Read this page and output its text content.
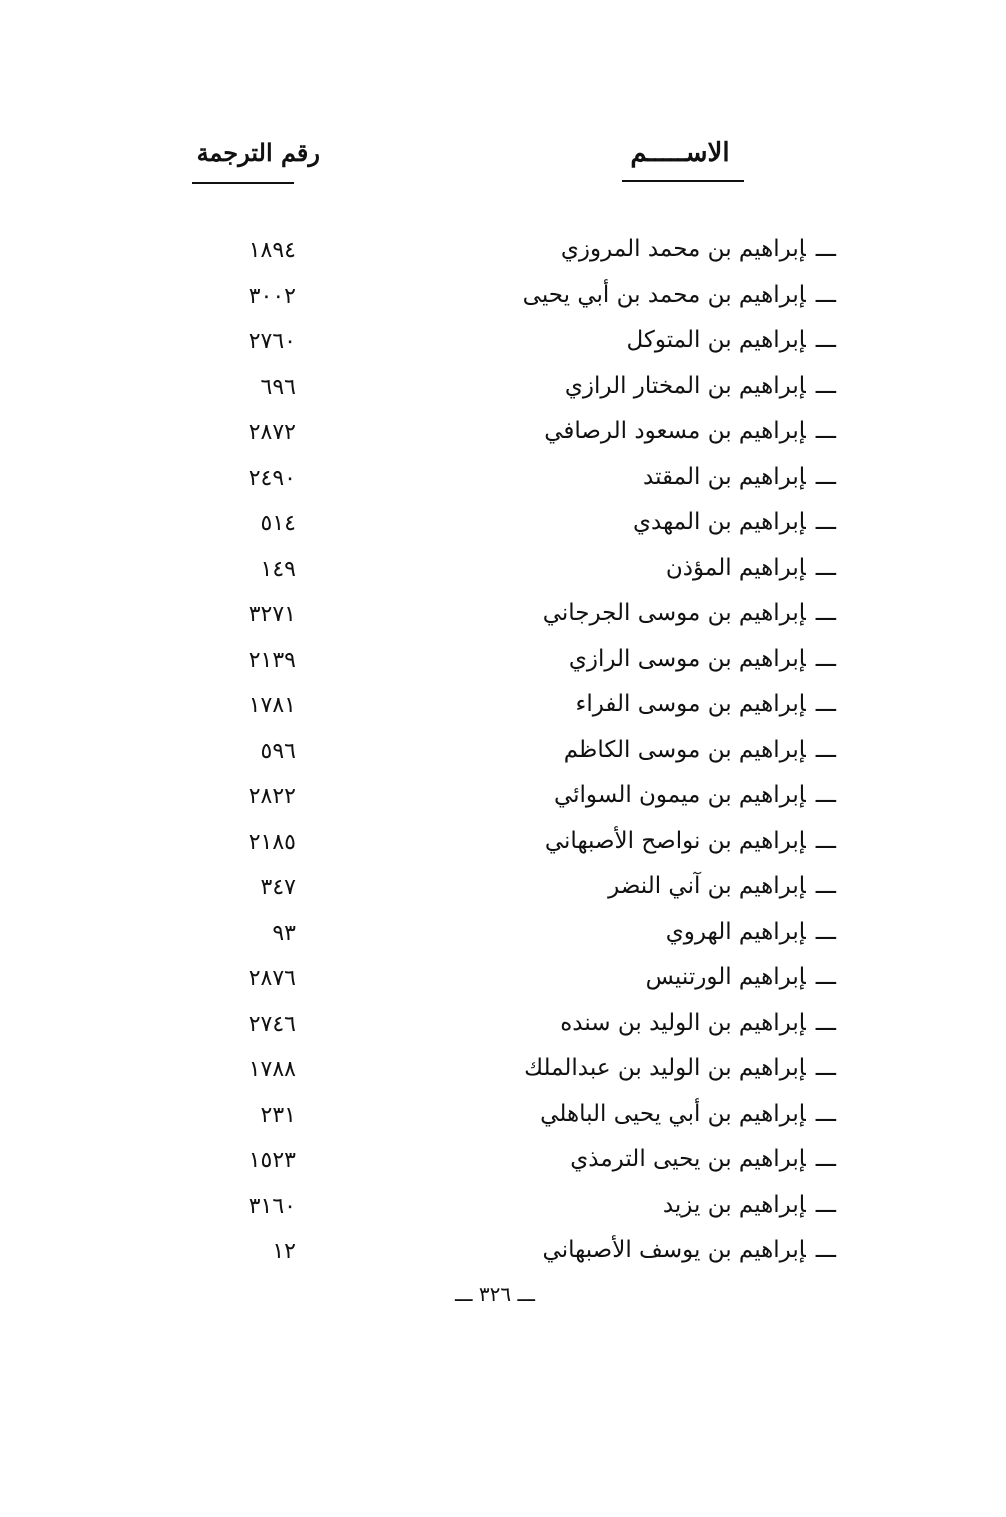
الاســـــم
رقم الترجمة
ـــإبراهيم بن محمد المروزي
١٨٩٤
ـــإبراهيم بن محمد بن أبي يحيى
٣٠٠٢
ـــإبراهيم بن المتوكل
٢٧٦٠
ـــإبراهيم بن المختار الرازي
٦٩٦
ـــإبراهيم بن مسعود الرصافي
٢٨٧٢
ـــإبراهيم بن المقتد
٢٤٩٠
ـــإبراهيم بن المهدي
٥١٤
ـــإبراهيم المؤذن
١٤٩
ـــإبراهيم بن موسى الجرجاني
٣٢٧١
ـــإبراهيم بن موسى الرازي
٢١٣٩
ـــإبراهيم بن موسى الفراء
١٧٨١
ـــإبراهيم بن موسى الكاظم
٥٩٦
ـــإبراهيم بن ميمون السوائي
٢٨٢٢
ـــإبراهيم بن نواصح الأصبهاني
٢١٨٥
ـــإبراهيم بن آني النضر
٣٤٧
ـــإبراهيم الهروي
٩٣
ـــإبراهيم الورتنيس
٢٨٧٦
ـــإبراهيم بن الوليد بن سنده
٢٧٤٦
ـــإبراهيم بن الوليد بن عبدالملك
١٧٨٨
ـــإبراهيم بن أبي يحيى الباهلي
٢٣١
ـــإبراهيم بن يحيى الترمذي
١٥٢٣
ـــإبراهيم بن يزيد
٣١٦٠
ـــإبراهيم بن يوسف الأصبهاني
١٢
ـــ ٣٢٦ ـــ
